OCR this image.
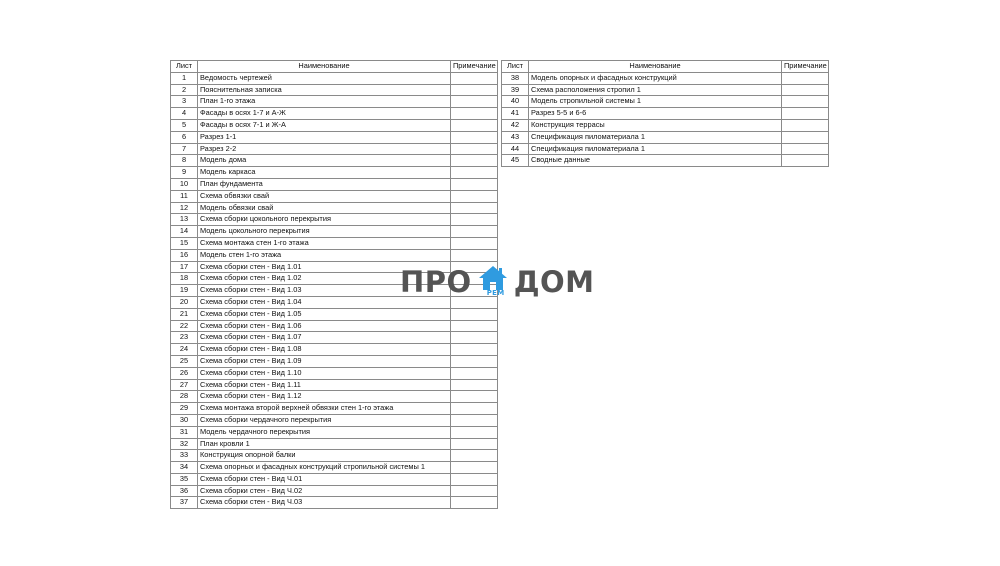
Лист	Наименование	Примечание
1	Ведомость чертежей	
2	Пояснительная записка	
3	План 1-го этажа	
4	Фасады в осях 1-7 и А-Ж	
5	Фасады в осях 7-1 и Ж-А	
6	Разрез 1-1	
7	Разрез 2-2	
8	Модель дома	
9	Модель каркаса	
10	План фундамента	
11	Схема обвязки свай	
12	Модель обвязки свай	
13	Схема сборки цокольного перекрытия	
14	Модель цокольного перекрытия	
15	Схема монтажа стен 1-го этажа	
16	Модель стен 1-го этажа	
17	Схема сборки стен - Вид 1.01	
18	Схема сборки стен - Вид 1.02	
19	Схема сборки стен - Вид 1.03	
20	Схема сборки стен - Вид 1.04	
21	Схема сборки стен - Вид 1.05	
22	Схема сборки стен - Вид 1.06	
23	Схема сборки стен - Вид 1.07	
24	Схема сборки стен - Вид 1.08	
25	Схема сборки стен - Вид 1.09	
26	Схема сборки стен - Вид 1.10	
27	Схема сборки стен - Вид 1.11	
28	Схема сборки стен - Вид 1.12	
29	Схема монтажа второй верхней обвязки стен 1-го этажа	
30	Схема сборки чердачного перекрытия	
31	Модель чердачного перекрытия	
32	План кровли 1	
33	Конструкция опорной балки	
34	Схема опорных и фасадных конструкций стропильной системы 1	
35	Схема сборки стен - Вид Ч.01	
36	Схема сборки стен - Вид Ч.02	
37	Схема сборки стен - Вид Ч.03	
Лист	Наименование	Примечание
38	Модель опорных и фасадных конструкций	
39	Схема расположения стропил 1	
40	Модель стропильной системы 1	
41	Разрез 5-5 и 6-6	
42	Конструкция террасы	
43	Спецификация пиломатериала 1	
44	Спецификация пиломатериала 1	
45	Сводные данные	
ПРО РЕМ ДОМ
